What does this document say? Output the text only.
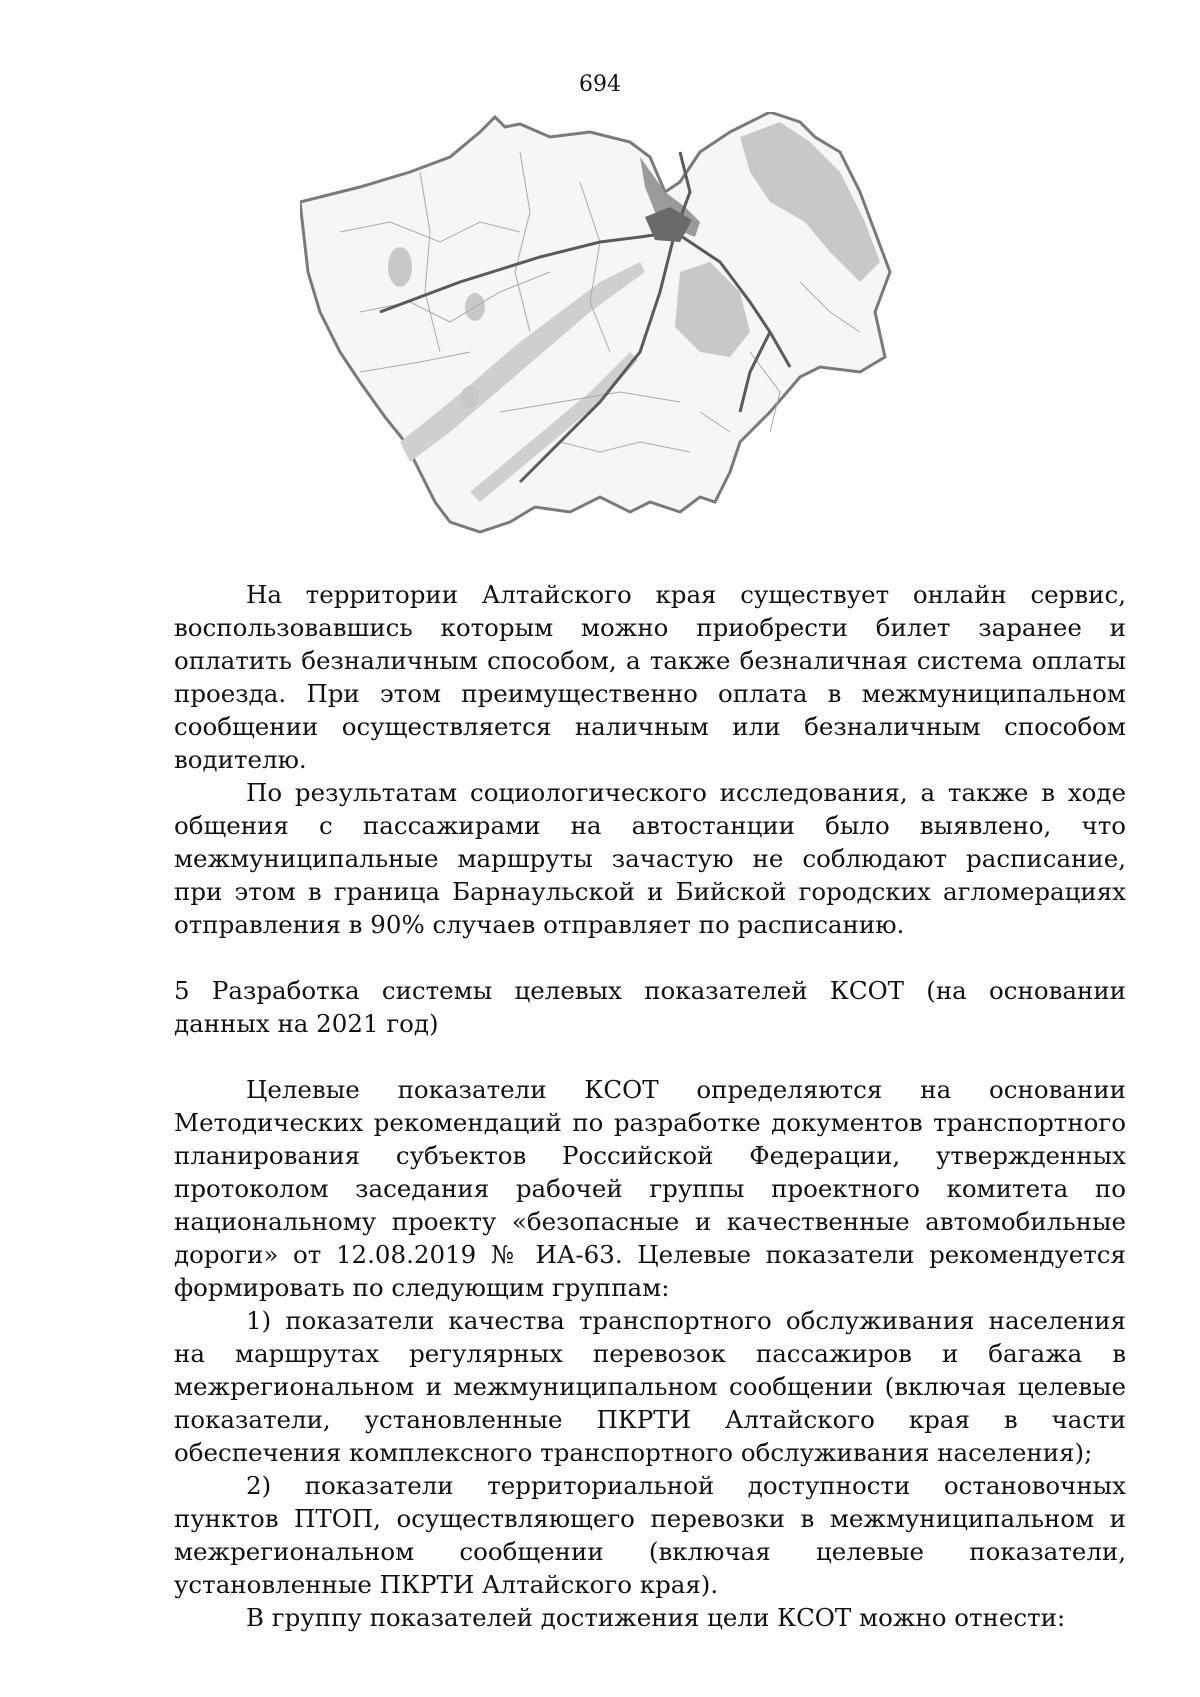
694

На территории Алтайского края существует онлайн сервис, воспользовавшись которым можно приобрести билет заранее и оплатить безналичным способом, а также безналичная система оплаты проезда. При этом преимущественно оплата в межмуниципальном сообщении осуществляется наличным или безналичным способом водителю.

По результатам социологического исследования, а также в ходе общения с пассажирами на автостанции было выявлено, что межмуниципальные маршруты зачастую не соблюдают расписание, при этом в граница Барнаульской и Бийской городских агломерациях отправления в 90% случаев отправляет по расписанию.

5 Разработка системы целевых показателей КСОТ (на основании данных на 2021 год)

Целевые показатели КСОТ определяются на основании Методических рекомендаций по разработке документов транспортного планирования субъектов Российской Федерации, утвержденных протоколом заседания рабочей группы проектного комитета по национальному проекту «безопасные и качественные автомобильные дороги» от 12.08.2019 № ИА-63. Целевые показатели рекомендуется формировать по следующим группам:

1) показатели качества транспортного обслуживания населения на маршрутах регулярных перевозок пассажиров и багажа в межрегиональном и межмуниципальном сообщении (включая целевые показатели, установленные ПКРТИ Алтайского края в части обеспечения комплексного транспортного обслуживания населения);

2) показатели территориальной доступности остановочных пунктов ПТОП, осуществляющего перевозки в межмуниципальном и межрегиональном сообщении (включая целевые показатели, установленные ПКРТИ Алтайского края).

В группу показателей достижения цели КСОТ можно отнести:
